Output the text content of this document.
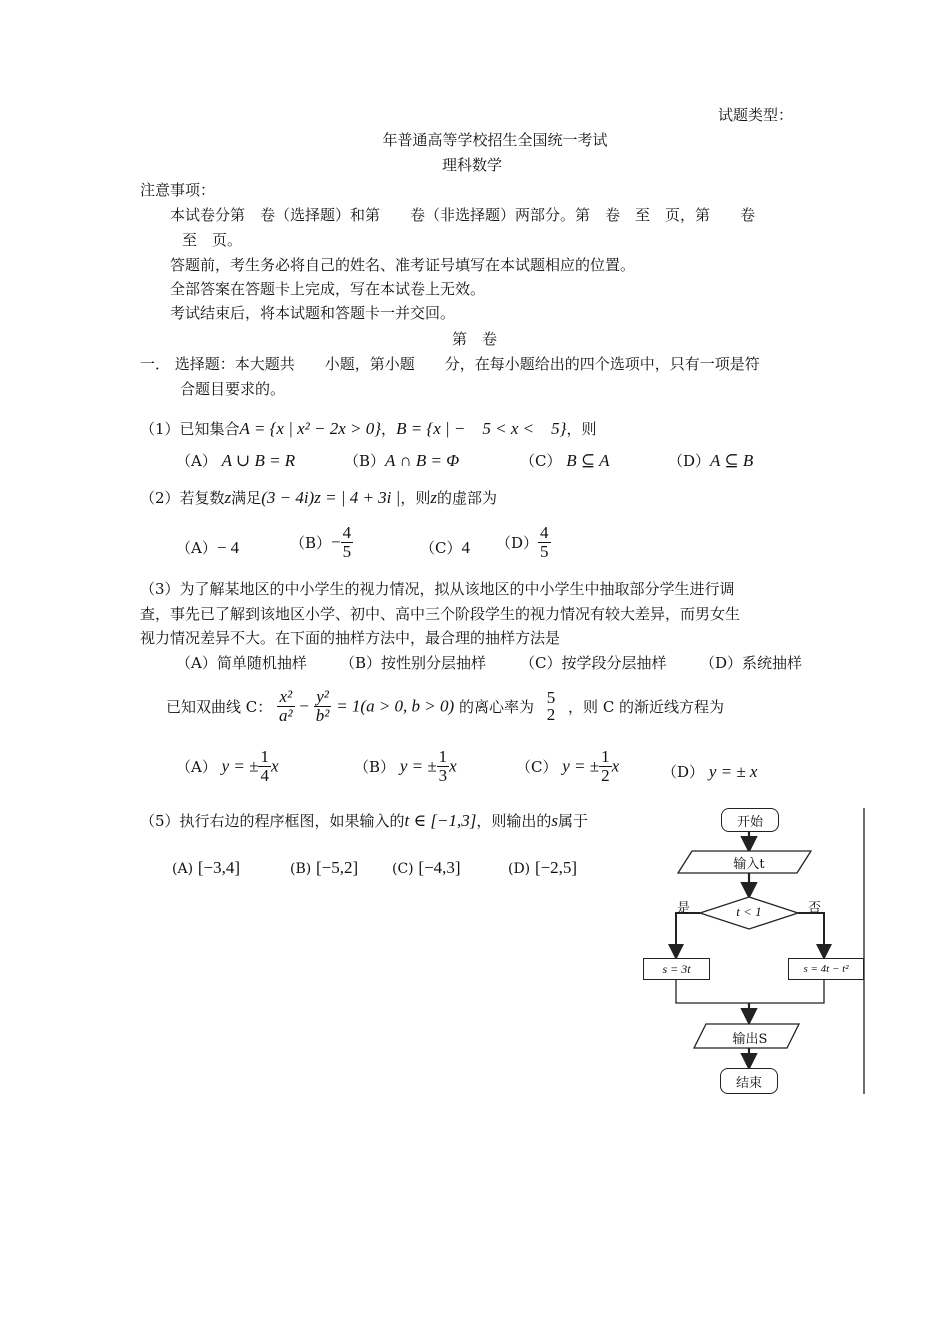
试题类型：
年普通高等学校招生全国统一考试
理科数学
注意事项：
本试卷分第　卷（选择题）和第　　卷（非选择题）两部分。第　卷　至　页，第　　卷
至　页。
答题前，考生务必将自己的姓名、准考证号填写在本试题相应的位置。
全部答案在答题卡上完成，写在本试卷上无效。
考试结束后，将本试题和答题卡一并交回。
第　卷
一． 选择题：本大题共　　小题，第小题　　分，在每小题给出的四个选项中，只有一项是符
合题目要求的。
（1）已知集合A = {x | x² − 2x > 0}，B = {x | −　5 < x <　5}，则
（A） A ∪ B = R	（B）A ∩ B = Φ	（C） B ⊆ A	（D）A ⊆ B
（2）若复数z满足(3 − 4i)z = | 4 + 3i |，则z的虚部为
（A）− 4	$(B)- \frac{4}{5}$	（C）4 $(D) \frac{4}{5}$
（3）为了解某地区的中小学生的视力情况，拟从该地区的中小学生中抽取部分学生进行调
查，事先已了解到该地区小学、初中、高中三个阶段学生的视力情况有较大差异，而男女生
视力情况差异不大。在下面的抽样方法中，最合理的抽样方法是
（A）简单随机抽样 （B）按性别分层抽样 （C）按学段分层抽样 （D）系统抽样
已知双曲线 C： $\frac{\text{x²}}{\text{a²}} - \frac{\text{y²}}{\text{b²}} = 1(a > 0$, b > 0) 的离心率为
5
2 ，则 C 的渐近线方程为
（A） y = ± $\frac{1}{4}$ x	（B） y = ± $\frac{1}{3}$ x	（C） y = ± $\frac{1}{2}$ x	（D） y = ± x
（5）执行右边的程序框图，如果输入的t ∈ [−1,3]，则输出的s属于
(A) [−3,4]	(B) [−5,2] (C) [−4,3]	(D) [−2,5]
开始
输入t
t < 1
是	否
s = 3t	s = 4t − t²
输出S
结束
